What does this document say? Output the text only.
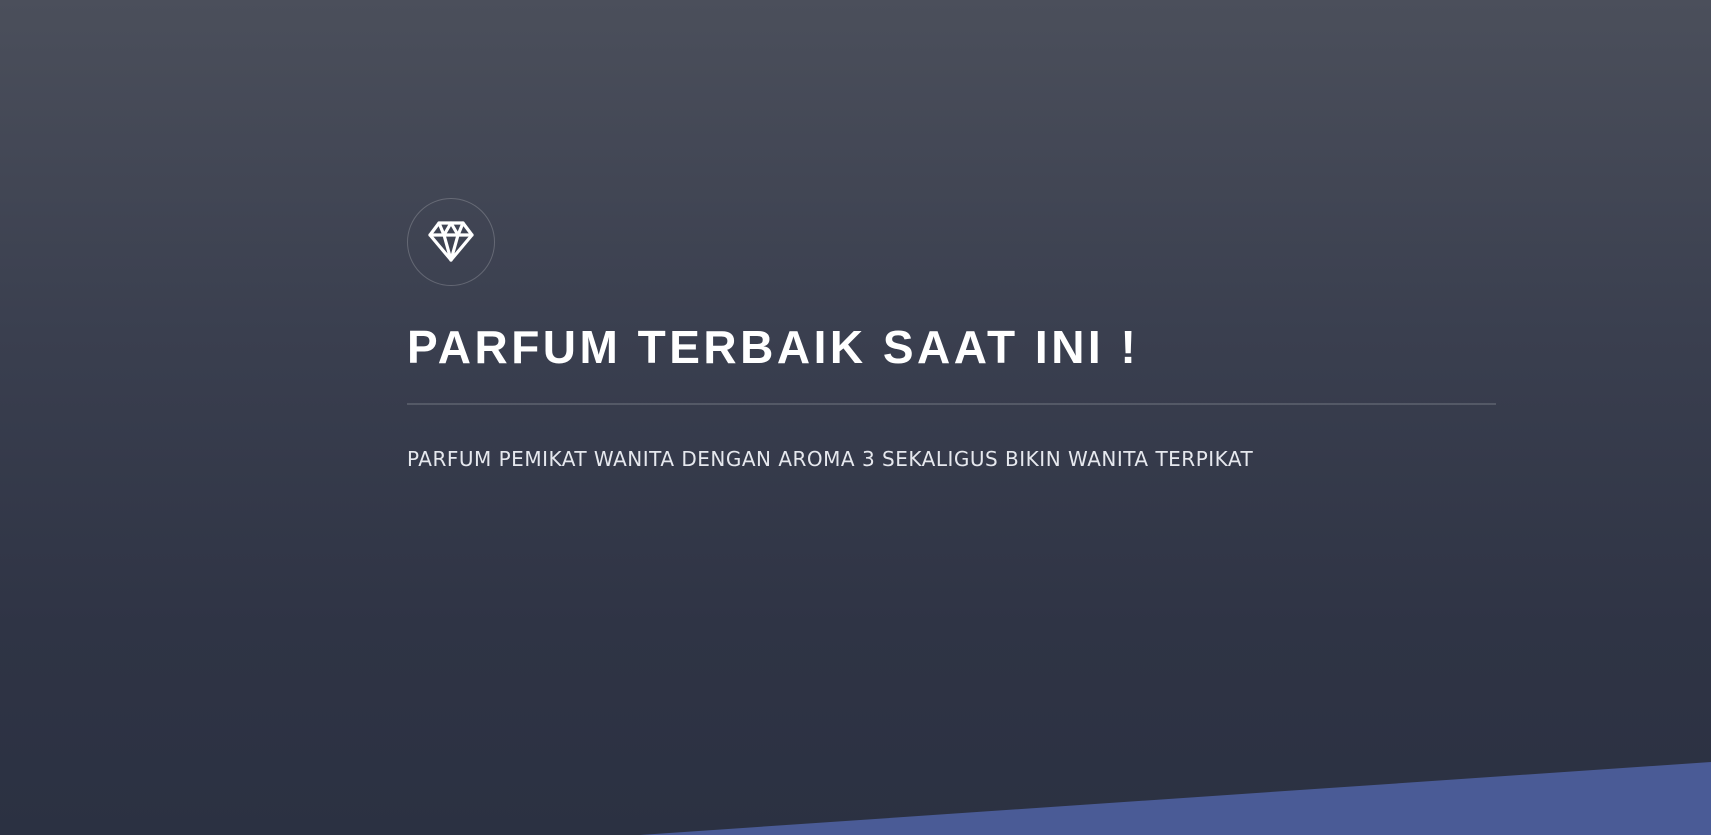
PARFUM TERBAIK SAAT INI !

PARFUM PEMIKAT WANITA DENGAN AROMA 3 SEKALIGUS BIKIN WANITA TERPIKAT
